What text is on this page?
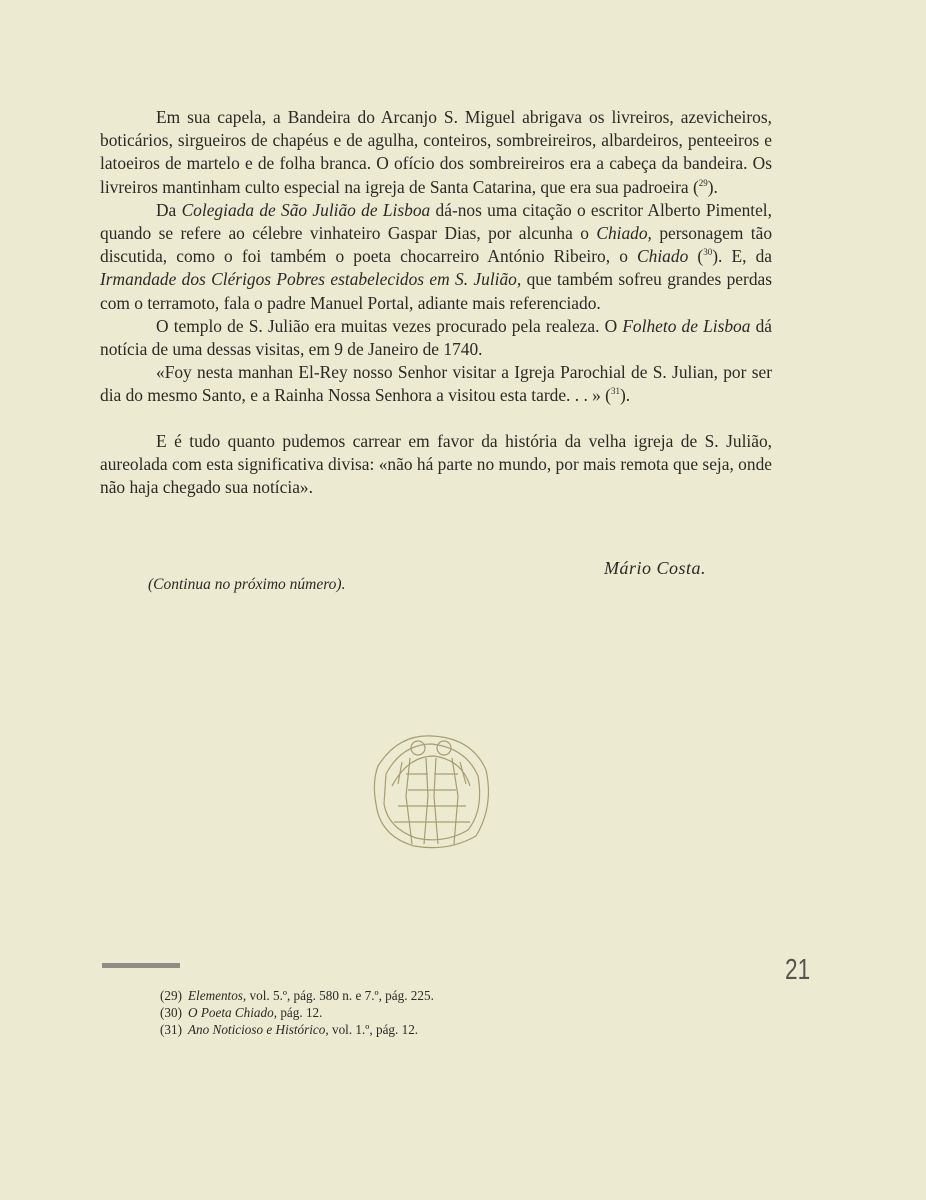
Em sua capela, a Bandeira do Arcanjo S. Miguel abrigava os livreiros, azevicheiros, boticários, sirgueiros de chapéus e de agulha, conteiros, sombreireiros, albardeiros, penteeiros e latoeiros de martelo e de folha branca. O ofício dos sombreireiros era a cabeça da bandeira. Os livreiros mantinham culto especial na igreja de Santa Catarina, que era sua padroeira ($^{29}$).

Da Colegiada de São Julião de Lisboa dá-nos uma citação o escritor Alberto Pimentel, quando se refere ao célebre vinhateiro Gaspar Dias, por alcunha o Chiado, personagem tão discutida, como o foi também o poeta chocarreiro António Ribeiro, o Chiado ($^{30}$). E, da Irmandade dos Clérigos Pobres estabelecidos em S. Julião, que também sofreu grandes perdas com o terramoto, fala o padre Manuel Portal, adiante mais referenciado.

O templo de S. Julião era muitas vezes procurado pela realeza. O Folheto de Lisboa dá notícia de uma dessas visitas, em 9 de Janeiro de 1740.

«Foy nesta manhan El-Rey nosso Senhor visitar a Igreja Parochial de S. Julian, por ser dia do mesmo Santo, e a Rainha Nossa Senhora a visitou esta tarde. . . » ($^{31}$).

E é tudo quanto pudemos carrear em favor da história da velha igreja de S. Julião, aureolada com esta significativa divisa: «não há parte no mundo, por mais remota que seja, onde não haja chegado sua notícia».

Mário Costa.
(Continua no próximo número).
21
(29) Elementos, vol. 5.º, pág. 580 n. e 7.º, pág. 225.
(30) O Poeta Chiado, pág. 12.
(31) Ano Noticioso e Histórico, vol. 1.º, pág. 12.
